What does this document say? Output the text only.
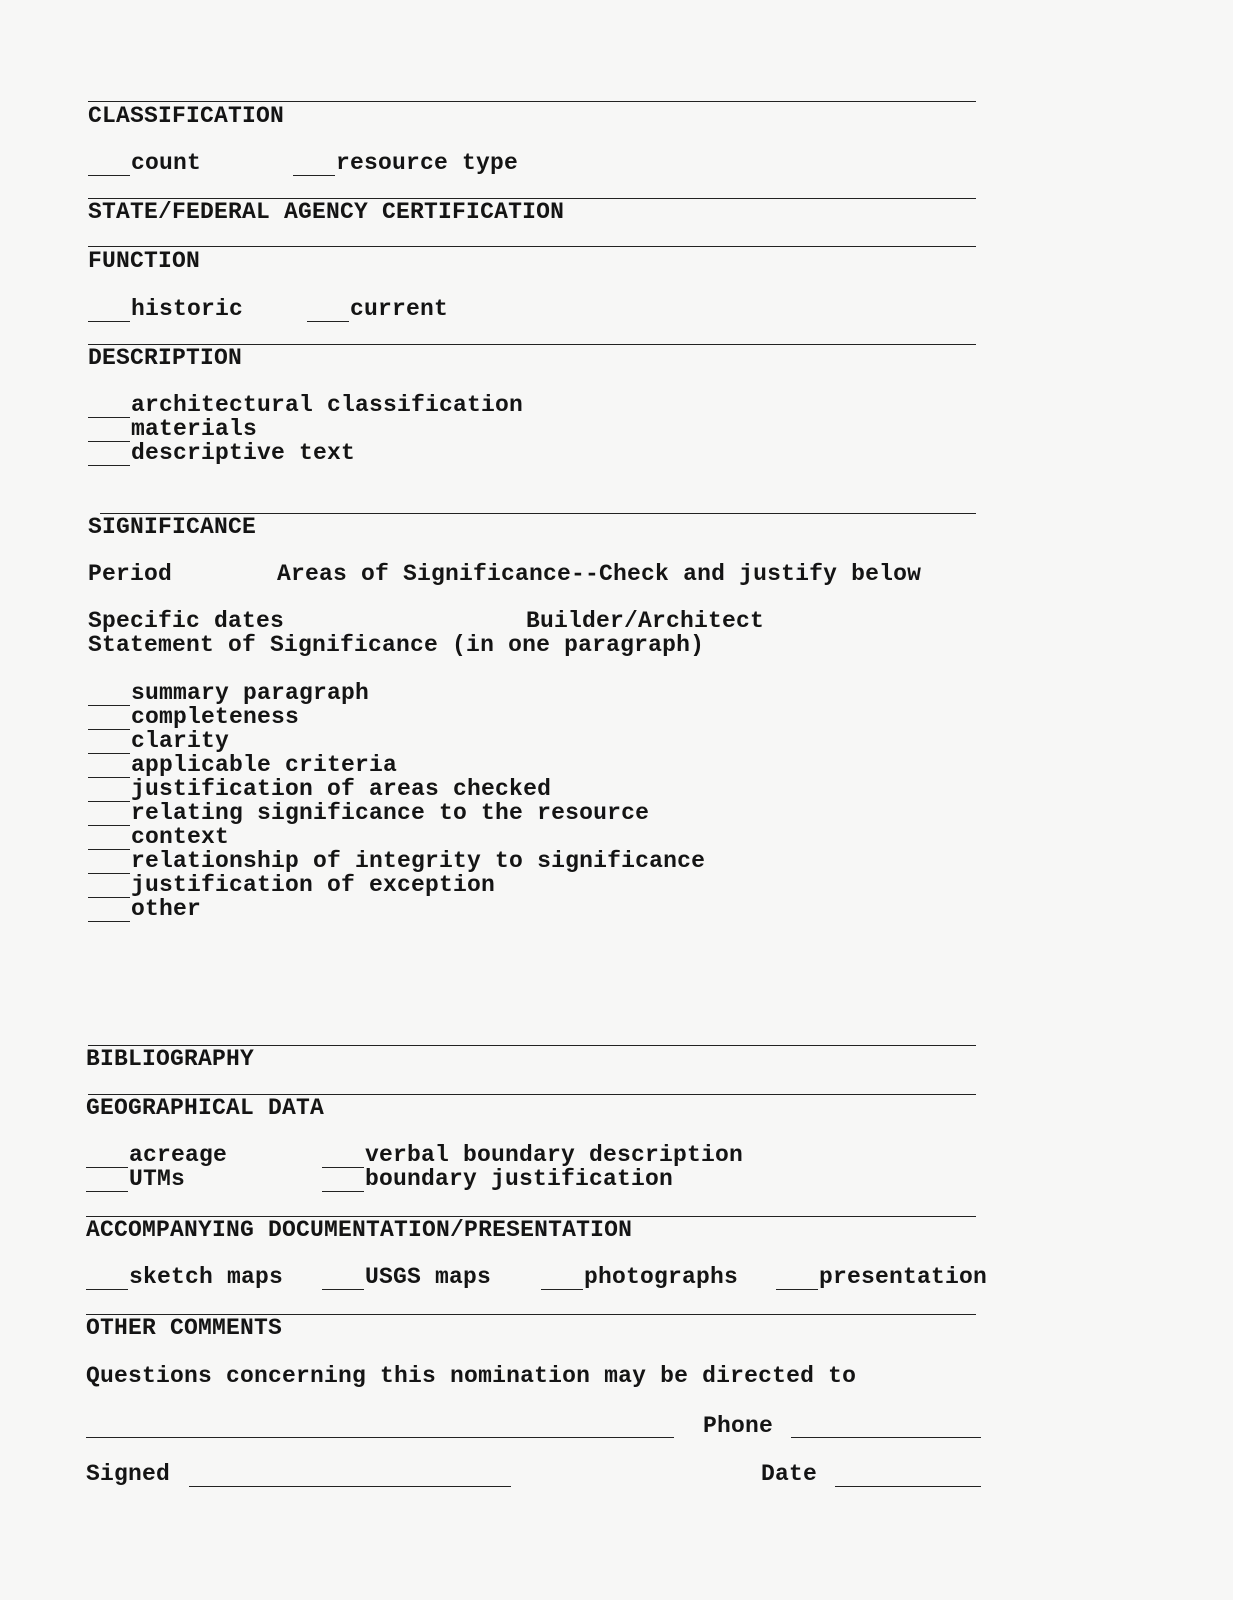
CLASSIFICATION
count	resource type
STATE/FEDERAL AGENCY CERTIFICATION
FUNCTION
historic	current
DESCRIPTION
architectural classification
materials
descriptive text
SIGNIFICANCE
Period	Areas of Significance--Check and justify below
Specific dates	Builder/Architect
Statement of Significance (in one paragraph)
summary paragraph
completeness
clarity
applicable criteria
justification of areas checked
relating significance to the resource
context
relationship of integrity to significance
justification of exception
other
BIBLIOGRAPHY
GEOGRAPHICAL DATA
acreage	verbal boundary description
UTMs	boundary justification
ACCOMPANYING DOCUMENTATION/PRESENTATION
sketch maps	USGS maps	photographs	presentation
OTHER COMMENTS
Questions concerning this nomination may be directed to
Phone
Signed	Date
